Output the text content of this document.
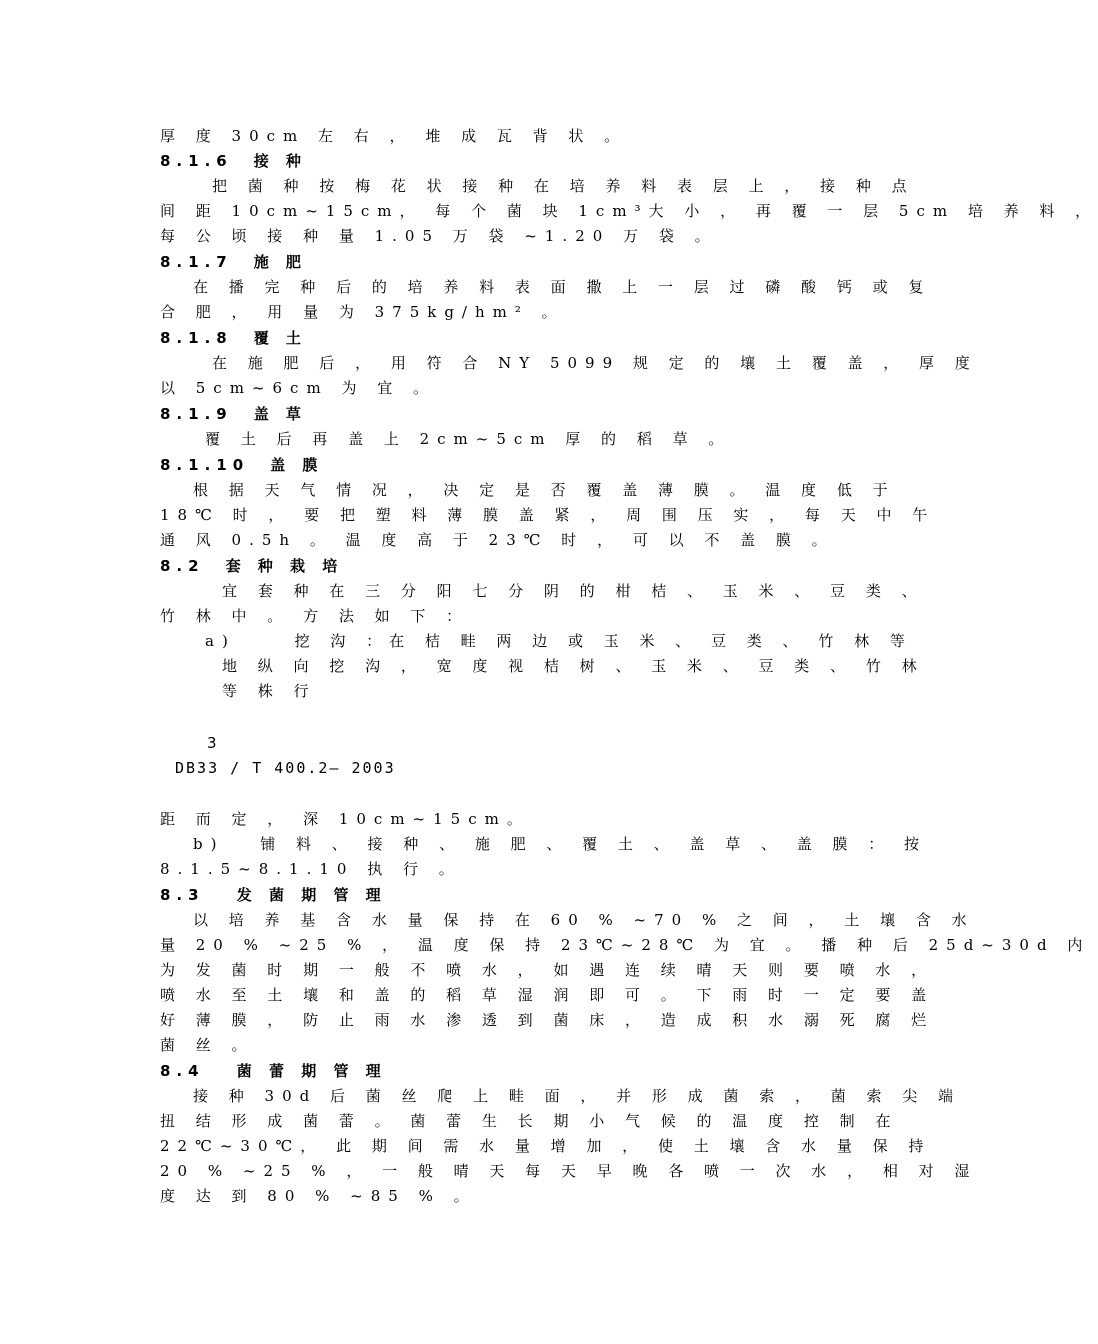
厚 度 30cm 左 右 ， 堆 成 瓦 背 状 。
8.1.6　接 种
把 菌 种 按 梅 花 状 接 种 在 培 养 料 表 层 上 ， 接 种 点
间 距 10cm~15cm， 每 个 菌 块 1cm³大 小 ， 再 覆 一 层 5cm 培 养 料 ，
每 公 顷 接 种 量 1.05 万 袋 ~1.20 万 袋 。
8.1.7　施 肥
在 播 完 种 后 的 培 养 料 表 面 撒 上 一 层 过 磷 酸 钙 或 复
合 肥 ， 用 量 为 375kg/hm² 。
8.1.8　覆 土
在 施 肥 后 ， 用 符 合 NY 5099 规 定 的 壤 土 覆 盖 ， 厚 度
以 5cm~6cm 为 宜 。
8.1.9　盖 草
覆 土 后 再 盖 上 2cm~5cm 厚 的 稻 草 。
8.1.10　盖 膜
根 据 天 气 情 况 ， 决 定 是 否 覆 盖 薄 膜 。 温 度 低 于
18℃ 时 ， 要 把 塑 料 薄 膜 盖 紧 ， 周 围 压 实 ， 每 天 中 午
通 风 0.5h 。 温 度 高 于 23℃ 时 ， 可 以 不 盖 膜 。
8.2　套 种 栽 培
宜 套 种 在 三 分 阳 七 分 阴 的 柑 桔 、 玉 米 、 豆 类 、
竹 林 中 。 方 法 如 下 ：
a)　　 挖 沟 ：在 桔 畦 两 边 或 玉 米 、 豆 类 、 竹 林 等
地 纵 向 挖 沟 ， 宽 度 视 桔 树 、 玉 米 、 豆 类 、 竹 林
等 株 行
3
DB33 / T 400.2— 2003
距 而 定 ， 深 10cm~15cm。
b)　 铺 料 、 接 种 、 施 肥 、 覆 土 、 盖 草 、 盖 膜 ： 按
8.1.5~8.1.10 执 行 。
8.3　 发 菌 期 管 理
以 培 养 基 含 水 量 保 持 在 60 % ~70 % 之 间 ， 土 壤 含 水
量 20 % ~25 % ， 温 度 保 持 23℃~28℃ 为 宜 。 播 种 后 25d~30d 内
为 发 菌 时 期 一 般 不 喷 水 ， 如 遇 连 续 晴 天 则 要 喷 水 ，
喷 水 至 土 壤 和 盖 的 稻 草 湿 润 即 可 。 下 雨 时 一 定 要 盖
好 薄 膜 ， 防 止 雨 水 渗 透 到 菌 床 ， 造 成 积 水 溺 死 腐 烂
菌 丝 。
8.4　 菌 蕾 期 管 理
接 种 30d 后 菌 丝 爬 上 畦 面 ， 并 形 成 菌 索 ， 菌 索 尖 端
扭 结 形 成 菌 蕾 。 菌 蕾 生 长 期 小 气 候 的 温 度 控 制 在
22℃~30℃， 此 期 间 需 水 量 增 加 ， 使 土 壤 含 水 量 保 持
20 % ~25 % ， 一 般 晴 天 每 天 早 晚 各 喷 一 次 水 ， 相 对 湿
度 达 到 80 % ~85 % 。
